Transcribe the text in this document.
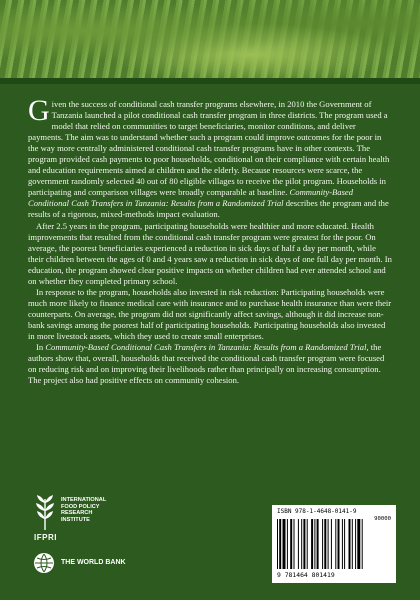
Given the success of conditional cash transfer programs elsewhere, in 2010 the Government of Tanzania launched a pilot conditional cash transfer program in three districts. The program used a model that relied on communities to target beneficiaries, monitor conditions, and deliver payments. The aim was to understand whether such a program could improve outcomes for the poor in the way more centrally administered conditional cash transfer programs have in other contexts. The program provided cash payments to poor households, conditional on their compliance with certain health and education requirements aimed at children and the elderly. Because resources were scarce, the government randomly selected 40 out of 80 eligible villages to receive the pilot program. Households in participating and comparison villages were broadly comparable at baseline. Community-Based Conditional Cash Transfers in Tanzania: Results from a Randomized Trial describes the program and the results of a rigorous, mixed-methods impact evaluation.

After 2.5 years in the program, participating households were healthier and more educated. Health improvements that resulted from the conditional cash transfer program were greatest for the poor. On average, the poorest beneficiaries experienced a reduction in sick days of half a day per month, while their children between the ages of 0 and 4 years saw a reduction in sick days of one full day per month. In education, the program showed clear positive impacts on whether children had ever attended school and on whether they completed primary school.

In response to the program, households also invested in risk reduction: Participating households were much more likely to finance medical care with insurance and to purchase health insurance than were their counterparts. On average, the program did not significantly affect savings, although it did increase non-bank savings among the poorest half of participating households. Participating households also invested in more livestock assets, which they used to create small enterprises.

In Community-Based Conditional Cash Transfers in Tanzania: Results from a Randomized Trial, the authors show that, overall, households that received the conditional cash transfer program were focused on reducing risk and on improving their livelihoods rather than principally on increasing consumption. The project also had positive effects on community cohesion.

INTERNATIONAL
FOOD POLICY
RESEARCH
INSTITUTE
IFPRI
THE WORLD BANK
ISBN 978-1-4648-0141-9
90000
9 781464 801419
